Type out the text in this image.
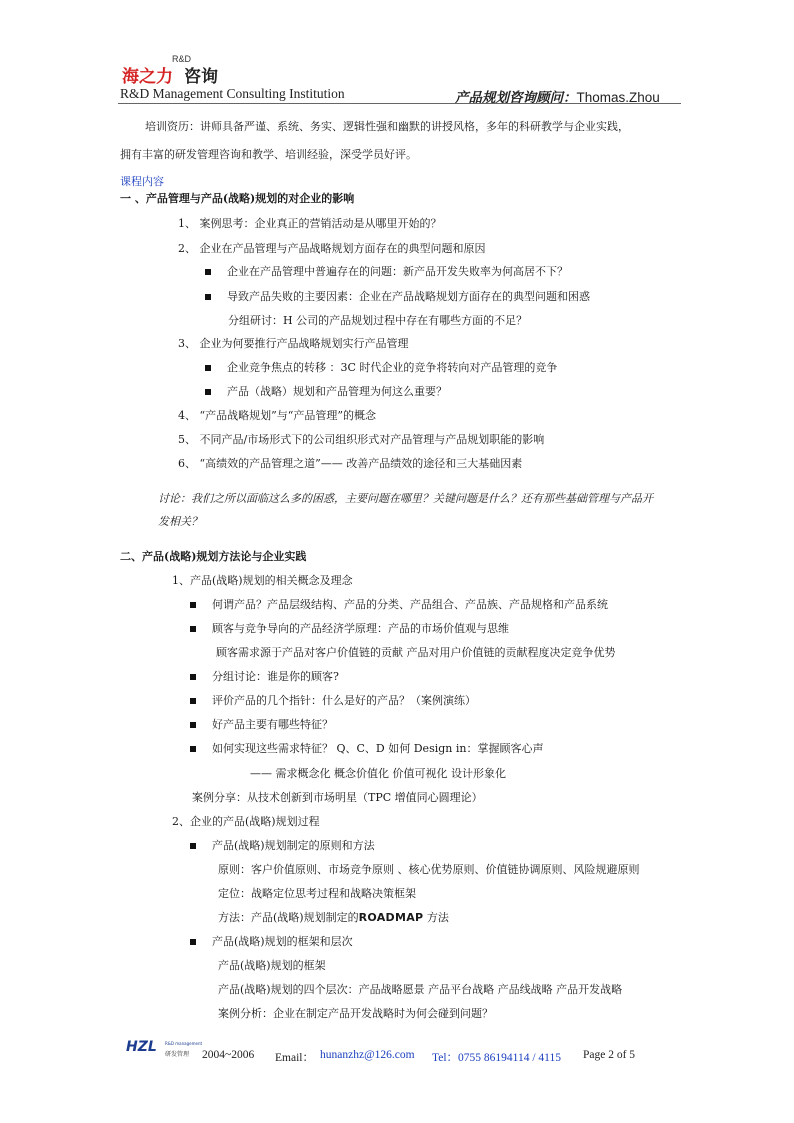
海之力
R&D
咨询
R&D Management Consulting Institution	产品规划咨询顾问：Thomas.Zhou
培训资历：讲师具备严谨、系统、务实、逻辑性强和幽默的讲授风格，多年的科研教学与企业实践，
拥有丰富的研发管理咨询和教学、培训经验，深受学员好评。
课程内容
一 、产品管理与产品(战略)规划的对企业的影响
1、 案例思考：企业真正的营销活动是从哪里开始的？
2、 企业在产品管理与产品战略规划方面存在的典型问题和原因
企业在产品管理中普遍存在的问题：新产品开发失败率为何高居不下？
导致产品失败的主要因素：企业在产品战略规划方面存在的典型问题和困惑
分组研讨：H 公司的产品规划过程中存在有哪些方面的不足？
3、 企业为何要推行产品战略规划实行产品管理
企业竞争焦点的转移 ：3C 时代企业的竞争将转向对产品管理的竞争
产品（战略）规划和产品管理为何这么重要？
4、 “产品战略规划”与“产品管理”的概念
5、 不同产品/市场形式下的公司组织形式对产品管理与产品规划职能的影响
6、 “高绩效的产品管理之道”—— 改善产品绩效的途径和三大基础因素
讨论：我们之所以面临这么多的困惑，主要问题在哪里？关键问题是什么？还有那些基础管理与产品开
发相关？
二、产品(战略)规划方法论与企业实践
1、产品(战略)规划的相关概念及理念
何谓产品？产品层级结构、产品的分类、产品组合、产品族、产品规格和产品系统
顾客与竞争导向的产品经济学原理：产品的市场价值观与思维
顾客需求源于产品对客户价值链的贡献 产品对用户价值链的贡献程度决定竞争优势
分组讨论：谁是你的顾客?
评价产品的几个指针：什么是好的产品？（案例演练）
好产品主要有哪些特征？
如何实现这些需求特征？ Q、C、D 如何 Design in：掌握顾客心声
—— 需求概念化 概念价值化 价值可视化 设计形象化
案例分享：从技术创新到市场明星（TPC 增值同心圆理论）
2、企业的产品(战略)规划过程
产品(战略)规划制定的原则和方法
原则：客户价值原则、市场竞争原则 、核心优势原则、价值链协调原则、风险规避原则
定位：战略定位思考过程和战略决策框架
方法：产品(战略)规划制定的ROADMAP 方法
产品(战略)规划的框架和层次
产品(战略)规划的框架
产品(战略)规划的四个层次：产品战略愿景 产品平台战略 产品线战略 产品开发战略
案例分析：企业在制定产品开发战略时为何会碰到问题？
HZL R&D management
研发管理 2004~2006 Email： hunanzhz@126.com Tel：0755 86194114 / 4115 Page 2 of 5
